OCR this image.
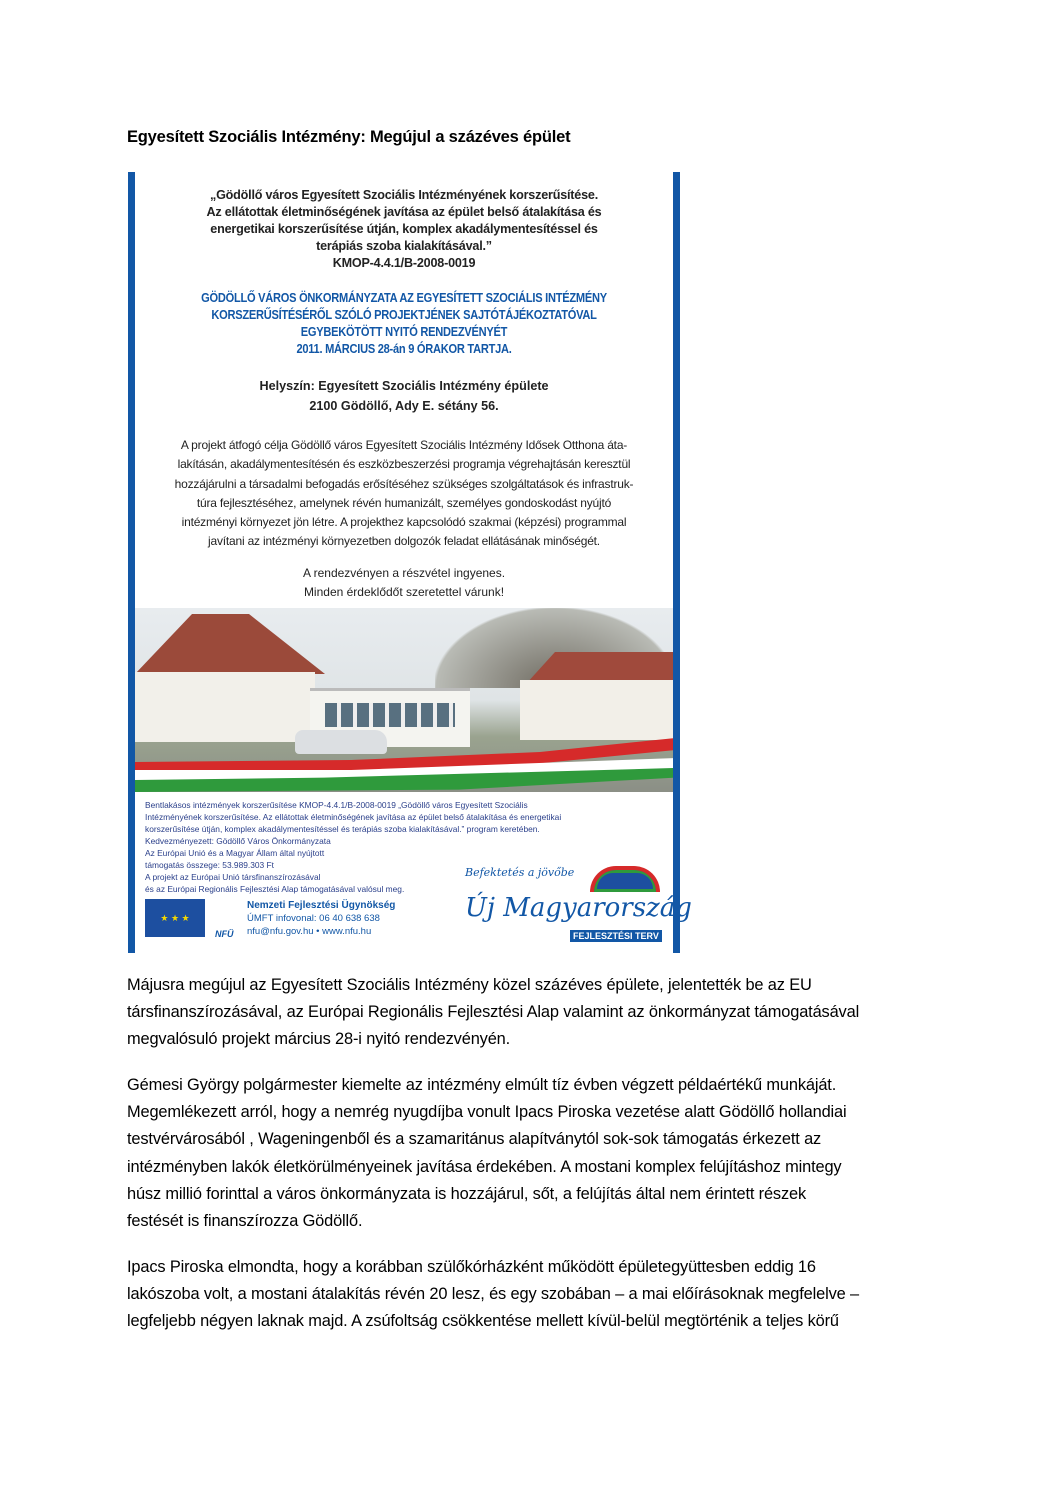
Egyesített Szociális Intézmény: Megújul a százéves épület
„Gödöllő város Egyesített Szociális Intézményének korszerűsítése.
Az ellátottak életminőségének javítása az épület belső átalakítása és
energetikai korszerűsítése útján, komplex akadálymentesítéssel és
terápiás szoba kialakításával.”
KMOP-4.4.1/B-2008-0019
GÖDÖLLŐ VÁROS ÖNKORMÁNYZATA AZ EGYESÍTETT SZOCIÁLIS INTÉZMÉNY
KORSZERŰSÍTÉSÉRŐL SZÓLÓ PROJEKTJÉNEK SAJTÓTÁJÉKOZTATÓVAL
EGYBEKÖTÖTT NYITÓ RENDEZVÉNYÉT
2011. MÁRCIUS 28-án 9 ÓRAKOR TARTJA.
Helyszín: Egyesített Szociális Intézmény épülete
2100 Gödöllő, Ady E. sétány 56.
A projekt átfogó célja Gödöllő város Egyesített Szociális Intézmény Idősek Otthona áta-
lakításán, akadálymentesítésén és eszközbeszerzési programja végrehajtásán keresztül
hozzájárulni a társadalmi befogadás erősítéséhez szükséges szolgáltatások és infrastruk-
túra fejlesztéséhez, amelynek révén humanizált, személyes gondoskodást nyújtó
intézményi környezet jön létre. A projekthez kapcsolódó szakmai (képzési) programmal
javítani az intézményi környezetben dolgozók feladat ellátásának minőségét.
A rendezvényen a részvétel ingyenes.
Minden érdeklődőt szeretettel várunk!
Bentlakásos intézmények korszerűsítése KMOP-4.4.1/B-2008-0019 „Gödöllő város Egyesített Szociális
Intézményének korszerűsítése. Az ellátottak életminőségének javítása az épület belső átalakítása és energetikai
korszerűsítése útján, komplex akadálymentesítéssel és terápiás szoba kialakításával.” program keretében.
Kedvezményezett: Gödöllő Város Önkormányzata
Az Európai Unió és a Magyar Állam által nyújtott
támogatás összege: 53.989.303 Ft
A projekt az Európai Unió társfinanszírozásával
és az Európai Regionális Fejlesztési Alap támogatásával valósul meg.
★ ★ ★
NFÜ
Nemzeti Fejlesztési Ügynökség
ÚMFT infovonal: 06 40 638 638
nfu@nfu.gov.hu • www.nfu.hu
Befektetés a jövőbe
Új Magyarország
FEJLESZTÉSI TERV
Májusra megújul az Egyesített Szociális Intézmény közel százéves épülete, jelentették be az EU
társfinanszírozásával, az Európai Regionális Fejlesztési Alap valamint az önkormányzat támogatásával
megvalósuló projekt március 28-i nyitó rendezvényén.
Gémesi György polgármester kiemelte az intézmény elmúlt tíz évben végzett példaértékű munkáját.
Megemlékezett arról, hogy a nemrég nyugdíjba vonult Ipacs Piroska vezetése alatt Gödöllő hollandiai
testvérvárosából , Wageningenből és a szamaritánus alapítványtól sok-sok támogatás érkezett az
intézményben lakók életkörülményeinek javítása érdekében. A mostani komplex felújításhoz mintegy
húsz millió forinttal a város önkormányzata is hozzájárul, sőt, a felújítás által nem érintett részek
festését is finanszírozza Gödöllő.
Ipacs Piroska elmondta, hogy a korábban szülőkórházként működött épületegyüttesben eddig 16
lakószoba volt, a mostani átalakítás révén 20 lesz, és egy szobában – a mai előírásoknak megfelelve –
legfeljebb négyen laknak majd. A zsúfoltság csökkentése mellett kívül-belül megtörténik a teljes körű
